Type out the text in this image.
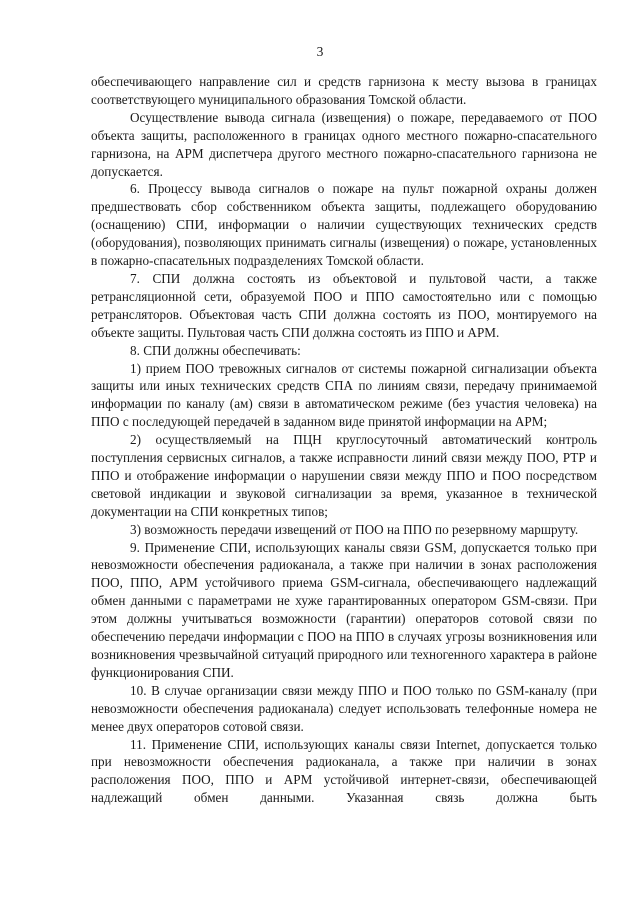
3

обеспечивающего направление сил и средств гарнизона к месту вызова в границах соответствующего муниципального образования Томской области.

Осуществление вывода сигнала (извещения) о пожаре, передаваемого от ПОО объекта защиты, расположенного в границах одного местного пожарно-спасательного гарнизона, на АРМ диспетчера другого местного пожарно-спасательного гарнизона не допускается.

6. Процессу вывода сигналов о пожаре на пульт пожарной охраны должен предшествовать сбор собственником объекта защиты, подлежащего оборудованию (оснащению) СПИ, информации о наличии существующих технических средств (оборудования), позволяющих принимать сигналы (извещения) о пожаре, установленных в пожарно-спасательных подразделениях Томской области.

7. СПИ должна состоять из объектовой и пультовой части, а также ретрансляционной сети, образуемой ПОО и ППО самостоятельно или с помощью ретрансляторов. Объектовая часть СПИ должна состоять из ПОО, монтируемого на объекте защиты. Пультовая часть СПИ должна состоять из ППО и АРМ.

8. СПИ должны обеспечивать:

1) прием ПОО тревожных сигналов от системы пожарной сигнализации объекта защиты или иных технических средств СПА по линиям связи, передачу принимаемой информации по каналу (ам) связи в автоматическом режиме (без участия человека) на ППО с последующей передачей в заданном виде принятой информации на АРМ;

2) осуществляемый на ПЦН круглосуточный автоматический контроль поступления сервисных сигналов, а также исправности линий связи между ПОО, РТР и ППО и отображение информации о нарушении связи между ППО и ПОО посредством световой индикации и звуковой сигнализации за время, указанное в технической документации на СПИ конкретных типов;

3) возможность передачи извещений от ПОО на ППО по резервному маршруту.

9. Применение СПИ, использующих каналы связи GSM, допускается только при невозможности обеспечения радиоканала, а также при наличии в зонах расположения ПОО, ППО, АРМ устойчивого приема GSM-сигнала, обеспечивающего надлежащий обмен данными с параметрами не хуже гарантированных оператором GSM-связи. При этом должны учитываться возможности (гарантии) операторов сотовой связи по обеспечению передачи информации с ПОО на ППО в случаях угрозы возникновения или возникновения чрезвычайной ситуаций природного или техногенного характера в районе функционирования СПИ.

10. В случае организации связи между ППО и ПОО только по GSM-каналу (при невозможности обеспечения радиоканала) следует использовать телефонные номера не менее двух операторов сотовой связи.

11. Применение СПИ, использующих каналы связи Internet, допускается только при невозможности обеспечения радиоканала, а также при наличии в зонах расположения ПОО, ППО и АРМ устойчивой интернет-связи, обеспечивающей надлежащий обмен данными. Указанная связь должна быть
